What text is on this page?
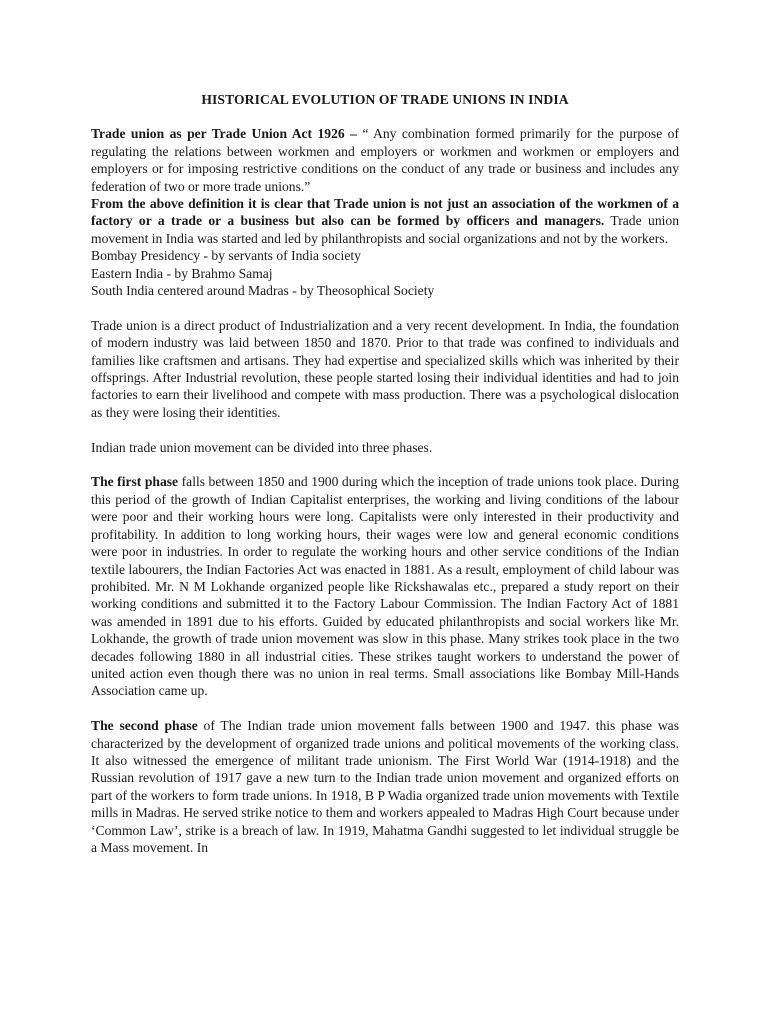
HISTORICAL EVOLUTION OF TRADE UNIONS IN INDIA

Trade union as per Trade Union Act 1926 – “ Any combination formed primarily for the purpose of regulating the relations between workmen and employers or workmen and workmen or employers and employers or for imposing restrictive conditions on the conduct of any trade or business and includes any federation of two or more trade unions.”

From the above definition it is clear that Trade union is not just an association of the workmen of a factory or a trade or a business but also can be formed by officers and managers. Trade union movement in India was started and led by philanthropists and social organizations and not by the workers.

Bombay Presidency - by servants of India society

Eastern India - by Brahmo Samaj

South India centered around Madras - by Theosophical Society

Trade union is a direct product of Industrialization and a very recent development. In India, the foundation of modern industry was laid between 1850 and 1870. Prior to that trade was confined to individuals and families like craftsmen and artisans. They had expertise and specialized skills which was inherited by their offsprings. After Industrial revolution, these people started losing their individual identities and had to join factories to earn their livelihood and compete with mass production. There was a psychological dislocation as they were losing their identities.

Indian trade union movement can be divided into three phases.

The first phase falls between 1850 and 1900 during which the inception of trade unions took place. During this period of the growth of Indian Capitalist enterprises, the working and living conditions of the labour were poor and their working hours were long. Capitalists were only interested in their productivity and profitability. In addition to long working hours, their wages were low and general economic conditions were poor in industries. In order to regulate the working hours and other service conditions of the Indian textile labourers, the Indian Factories Act was enacted in 1881. As a result, employment of child labour was prohibited. Mr. N M Lokhande organized people like Rickshawalas etc., prepared a study report on their working conditions and submitted it to the Factory Labour Commission. The Indian Factory Act of 1881 was amended in 1891 due to his efforts. Guided by educated philanthropists and social workers like Mr. Lokhande, the growth of trade union movement was slow in this phase. Many strikes took place in the two decades following 1880 in all industrial cities. These strikes taught workers to understand the power of united action even though there was no union in real terms. Small associations like Bombay Mill-Hands Association came up.

The second phase of The Indian trade union movement falls between 1900 and 1947. this phase was characterized by the development of organized trade unions and political movements of the working class. It also witnessed the emergence of militant trade unionism. The First World War (1914-1918) and the Russian revolution of 1917 gave a new turn to the Indian trade union movement and organized efforts on part of the workers to form trade unions. In 1918, B P Wadia organized trade union movements with Textile mills in Madras. He served strike notice to them and workers appealed to Madras High Court because under ‘Common Law’, strike is a breach of law. In 1919, Mahatma Gandhi suggested to let individual struggle be a Mass movement. In
